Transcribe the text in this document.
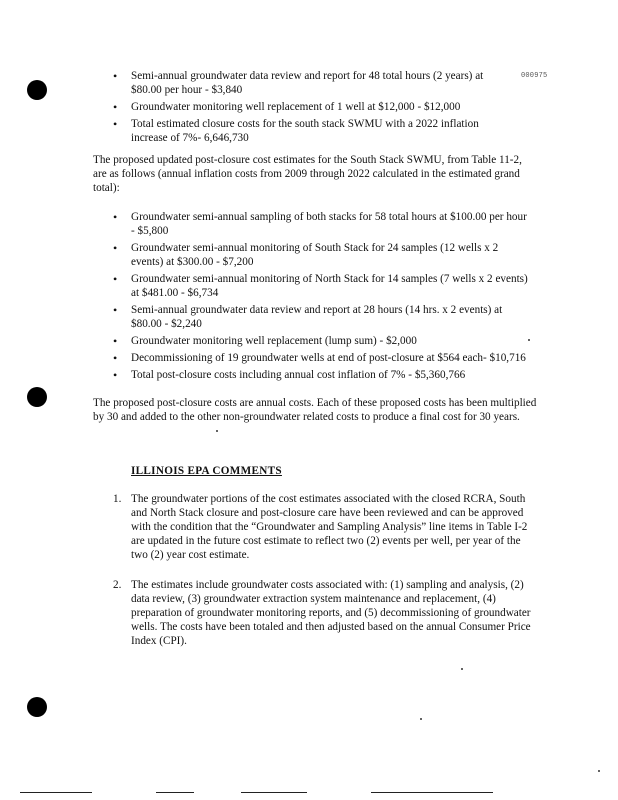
000975
• Semi-annual groundwater data review and report for 48 total hours (2 years) at $80.00 per hour - $3,840
• Groundwater monitoring well replacement of 1 well at $12,000 - $12,000
• Total estimated closure costs for the south stack SWMU with a 2022 inflation increase of 7%- 6,646,730

The proposed updated post-closure cost estimates for the South Stack SWMU, from Table 11-2, are as follows (annual inflation costs from 2009 through 2022 calculated in the estimated grand total):

• Groundwater semi-annual sampling of both stacks for 58 total hours at $100.00 per hour - $5,800
• Groundwater semi-annual monitoring of South Stack for 24 samples (12 wells x 2 events) at $300.00 - $7,200
• Groundwater semi-annual monitoring of North Stack for 14 samples (7 wells x 2 events) at $481.00 - $6,734
• Semi-annual groundwater data review and report at 28 hours (14 hrs. x 2 events) at $80.00 - $2,240
• Groundwater monitoring well replacement (lump sum) - $2,000
• Decommissioning of 19 groundwater wells at end of post-closure at $564 each- $10,716
• Total post-closure costs including annual cost inflation of 7% - $5,360,766

The proposed post-closure costs are annual costs. Each of these proposed costs has been multiplied by 30 and added to the other non-groundwater related costs to produce a final cost for 30 years.

ILLINOIS EPA COMMENTS
1. The groundwater portions of the cost estimates associated with the closed RCRA, South and North Stack closure and post-closure care have been reviewed and can be approved with the condition that the “Groundwater and Sampling Analysis” line items in Table I-2 are updated in the future cost estimate to reflect two (2) events per well, per year of the two (2) year cost estimate.
2. The estimates include groundwater costs associated with: (1) sampling and analysis, (2) data review, (3) groundwater extraction system maintenance and replacement, (4) preparation of groundwater monitoring reports, and (5) decommissioning of groundwater wells. The costs have been totaled and then adjusted based on the annual Consumer Price Index (CPI).
